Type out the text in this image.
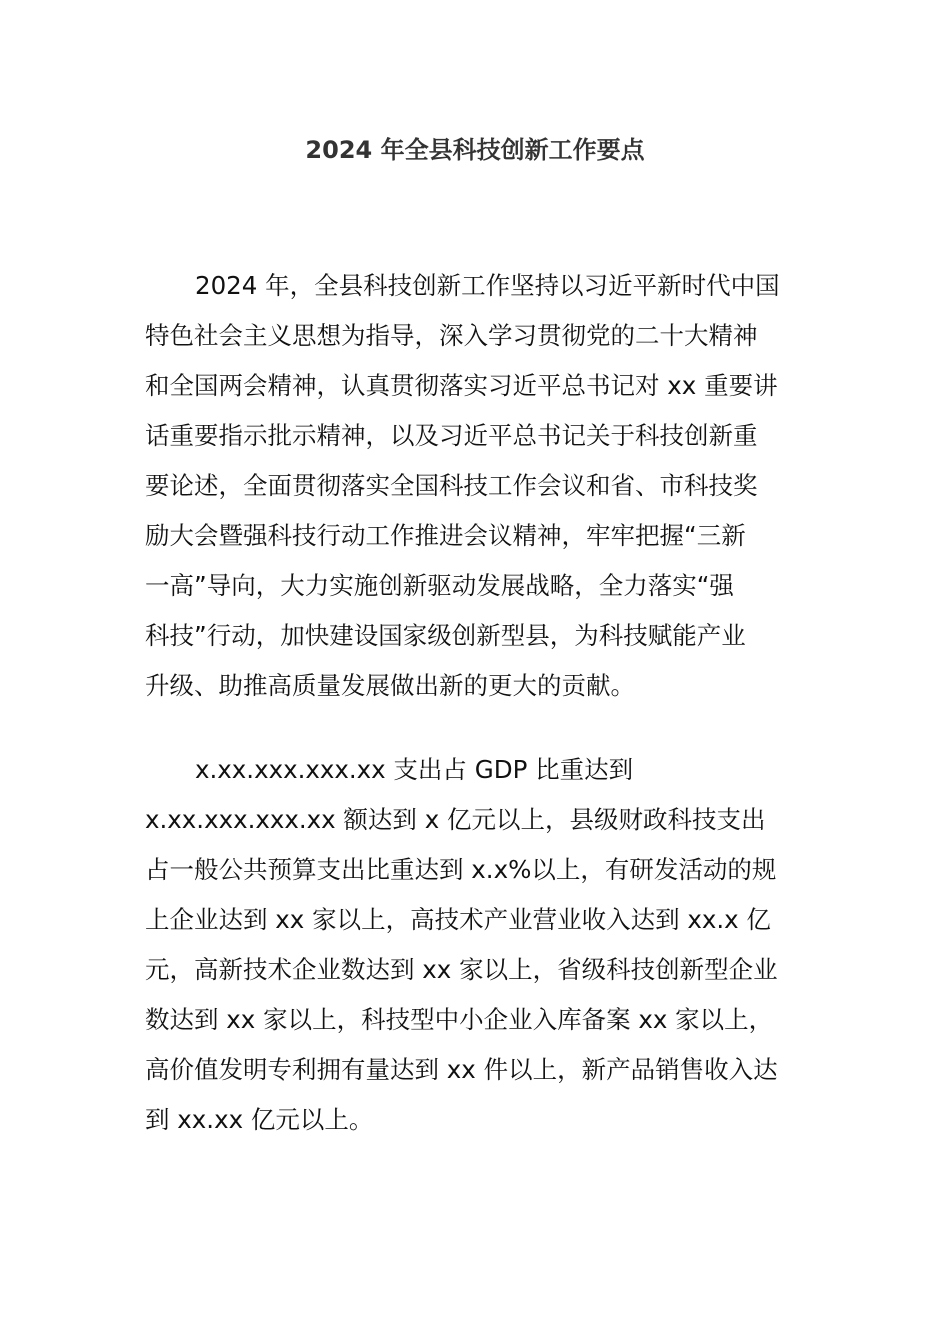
2024 年全县科技创新工作要点
2024 年，全县科技创新工作坚持以习近平新时代中国
特色社会主义思想为指导，深入学习贯彻党的二十大精神
和全国两会精神，认真贯彻落实习近平总书记对 xx 重要讲
话重要指示批示精神，以及习近平总书记关于科技创新重
要论述，全面贯彻落实全国科技工作会议和省、市科技奖
励大会暨强科技行动工作推进会议精神，牢牢把握“三新
一高”导向，大力实施创新驱动发展战略，全力落实“强
科技”行动，加快建设国家级创新型县，为科技赋能产业
升级、助推高质量发展做出新的更大的贡献。
x.xx.xxx.xxx.xx 支出占 GDP 比重达到
x.xx.xxx.xxx.xx 额达到 x 亿元以上，县级财政科技支出
占一般公共预算支出比重达到 x.x%以上，有研发活动的规
上企业达到 xx 家以上，高技术产业营业收入达到 xx.x 亿
元，高新技术企业数达到 xx 家以上，省级科技创新型企业
数达到 xx 家以上，科技型中小企业入库备案 xx 家以上，
高价值发明专利拥有量达到 xx 件以上，新产品销售收入达
到 xx.xx 亿元以上。
